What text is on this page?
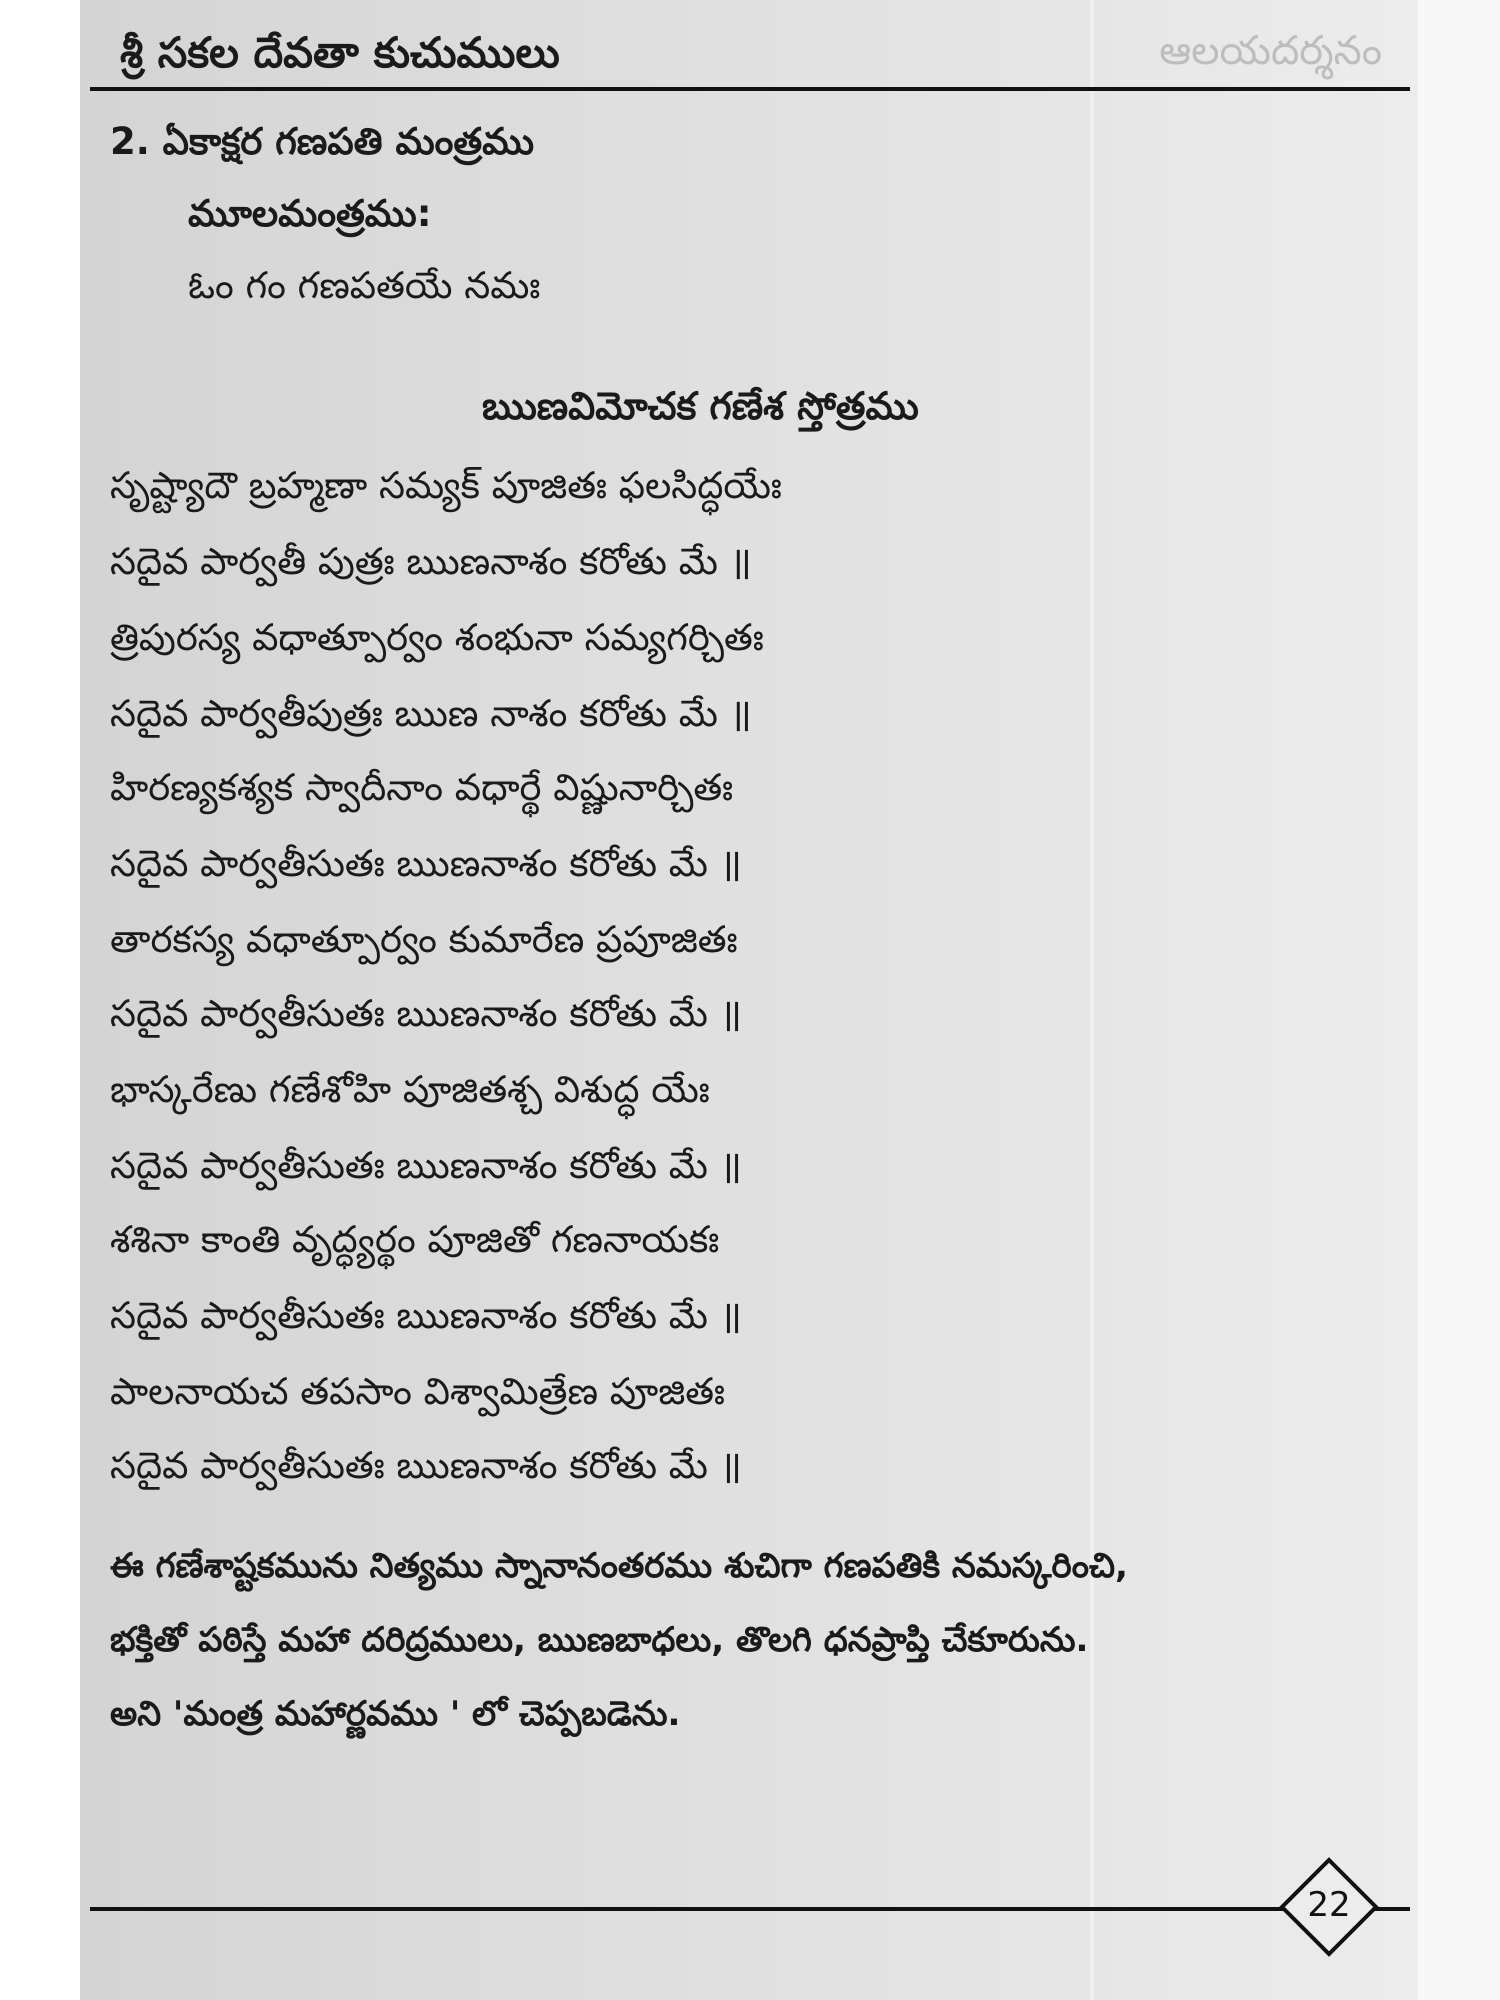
శ్రీ సకల దేవతా కుచుములు	ఆలయదర్శనం
2. ఏకాక్షర గణపతి మంత్రము
మూలమంత్రము:
ఓం గం గణపతయే నమః
ఋణవిమోచక గణేశ స్తోత్రము
సృష్ట్యాదౌ బ్రహ్మణా సమ్యక్ పూజితః ఫలసిద్ధయేః
సదైవ పార్వతీ పుత్రః ఋణనాశం కరోతు మే ॥
త్రిపురస్య వధాత్పూర్వం శంభునా సమ్యగర్చితః
సదైవ పార్వతీపుత్రః ఋణ నాశం కరోతు మే ॥
హిరణ్యకశ్యక స్వాదీనాం వధార్థే విష్ణునార్చితః
సదైవ పార్వతీసుతః ఋణనాశం కరోతు మే ॥
తారకస్య వధాత్పూర్వం కుమారేణ ప్రపూజితః
సదైవ పార్వతీసుతః ఋణనాశం కరోతు మే ॥
భాస్కరేణు గణేశోహి పూజితశ్చ విశుద్ధ యేః
సదైవ పార్వతీసుతః ఋణనాశం కరోతు మే ॥
శశినా కాంతి వృద్ధ్యర్థం పూజితో గణనాయకః
సదైవ పార్వతీసుతః ఋణనాశం కరోతు మే ॥
పాలనాయచ తపసాం విశ్వామిత్రేణ పూజితః
సదైవ పార్వతీసుతః ఋణనాశం కరోతు మే ॥
ఈ గణేశాష్టకమును నిత్యము స్నానానంతరము శుచిగా గణపతికి నమస్కరించి,
భక్తితో పఠిస్తే మహా దరిద్రములు, ఋణబాధలు, తొలగి ధనప్రాప్తి చేకూరును.
అని 'మంత్ర మహార్ణవము ' లో చెప్పబడెను.
22
